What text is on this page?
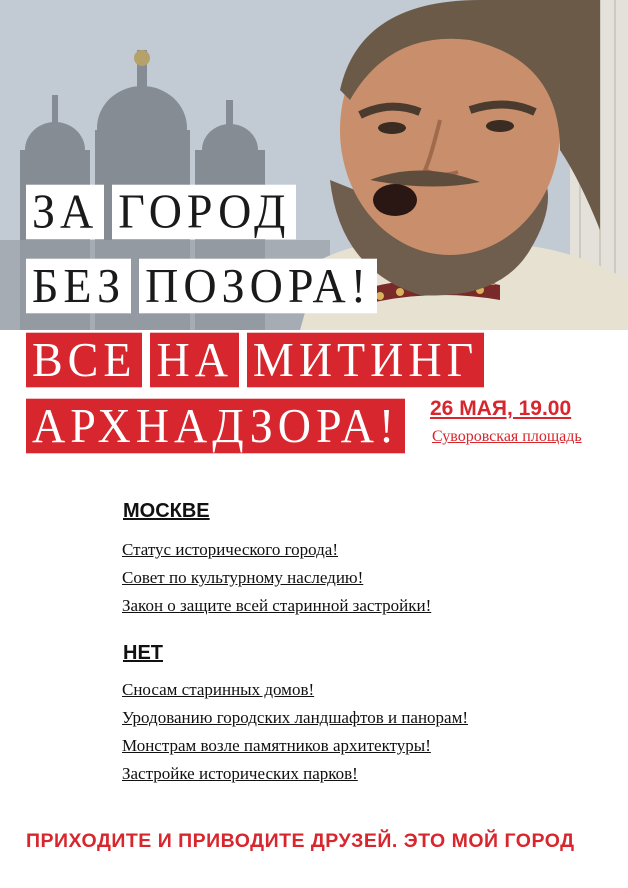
ЗА ГОРОД
БЕЗ ПОЗОРА!
ВСЕ НА МИТИНГ
АРХНАДЗОРА! 26 МАЯ, 19.00
Суворовская площадь
МОСКВЕ
Статус исторического города!
Совет по культурному наследию!
Закон о защите всей старинной застройки!
НЕТ
Сносам старинных домов!
Уродованию городских ландшафтов и панорам!
Монстрам возле памятников архитектуры!
Застройке исторических парков!
ПРИХОДИТЕ И ПРИВОДИТЕ ДРУЗЕЙ. ЭТО МОЙ ГОРОД
